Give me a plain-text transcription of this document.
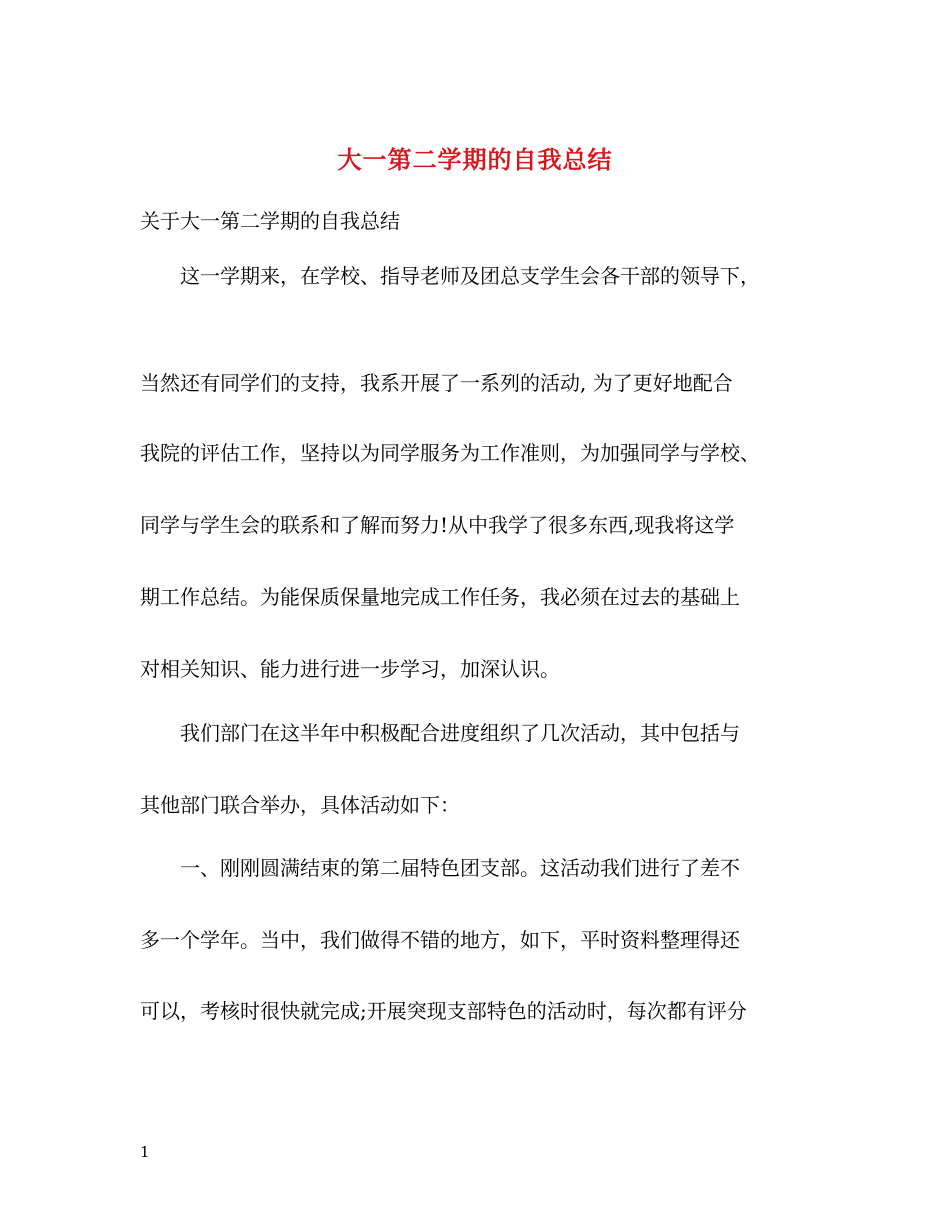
大一第二学期的自我总结
关于大一第二学期的自我总结
　　这一学期来，在学校、指导老师及团总支学生会各干部的领导下，
当然还有同学们的支持，我系开展了一系列的活动, 为了更好地配合
我院的评估工作，坚持以为同学服务为工作准则，为加强同学与学校、
同学与学生会的联系和了解而努力!从中我学了很多东西,现我将这学
期工作总结。为能保质保量地完成工作任务，我必须在过去的基础上
对相关知识、能力进行进一步学习，加深认识。
　　我们部门在这半年中积极配合进度组织了几次活动，其中包括与
其他部门联合举办，具体活动如下：
　　一、刚刚圆满结束的第二届特色团支部。这活动我们进行了差不
多一个学年。当中，我们做得不错的地方，如下，平时资料整理得还
可以，考核时很快就完成;开展突现支部特色的活动时，每次都有评分
1
